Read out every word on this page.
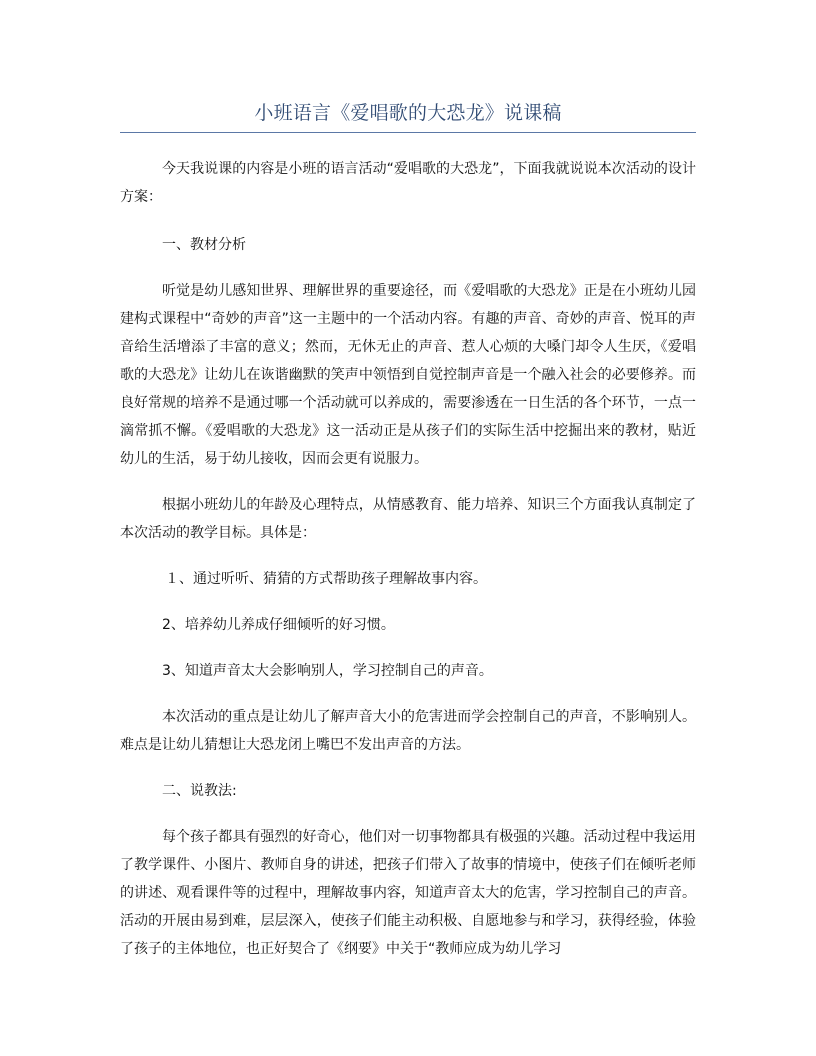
小班语言《爱唱歌的大恐龙》说课稿

今天我说课的内容是小班的语言活动“爱唱歌的大恐龙”，下面我就说说本次活动的设计方案：

一、教材分析

听觉是幼儿感知世界、理解世界的重要途径，而《爱唱歌的大恐龙》正是在小班幼儿园建构式课程中“奇妙的声音”这一主题中的一个活动内容。有趣的声音、奇妙的声音、悦耳的声音给生活增添了丰富的意义；然而，无休无止的声音、惹人心烦的大嗓门却令人生厌，《爱唱歌的大恐龙》让幼儿在诙谐幽默的笑声中领悟到自觉控制声音是一个融入社会的必要修养。而良好常规的培养不是通过哪一个活动就可以养成的，需要渗透在一日生活的各个环节，一点一滴常抓不懈。《爱唱歌的大恐龙》这一活动正是从孩子们的实际生活中挖掘出来的教材，贴近幼儿的生活，易于幼儿接收，因而会更有说服力。

根据小班幼儿的年龄及心理特点，从情感教育、能力培养、知识三个方面我认真制定了本次活动的教学目标。具体是：

１、通过听听、猜猜的方式帮助孩子理解故事内容。

2、培养幼儿养成仔细倾听的好习惯。

3、知道声音太大会影响别人，学习控制自己的声音。

本次活动的重点是让幼儿了解声音大小的危害进而学会控制自己的声音，不影响别人。难点是让幼儿猜想让大恐龙闭上嘴巴不发出声音的方法。

二、说教法:

每个孩子都具有强烈的好奇心，他们对一切事物都具有极强的兴趣。活动过程中我运用了教学课件、小图片、教师自身的讲述，把孩子们带入了故事的情境中，使孩子们在倾听老师的讲述、观看课件等的过程中，理解故事内容，知道声音太大的危害，学习控制自己的声音。活动的开展由易到难，层层深入，使孩子们能主动积极、自愿地参与和学习，获得经验，体验了孩子的主体地位，也正好契合了《纲要》中关于“教师应成为幼儿学习
